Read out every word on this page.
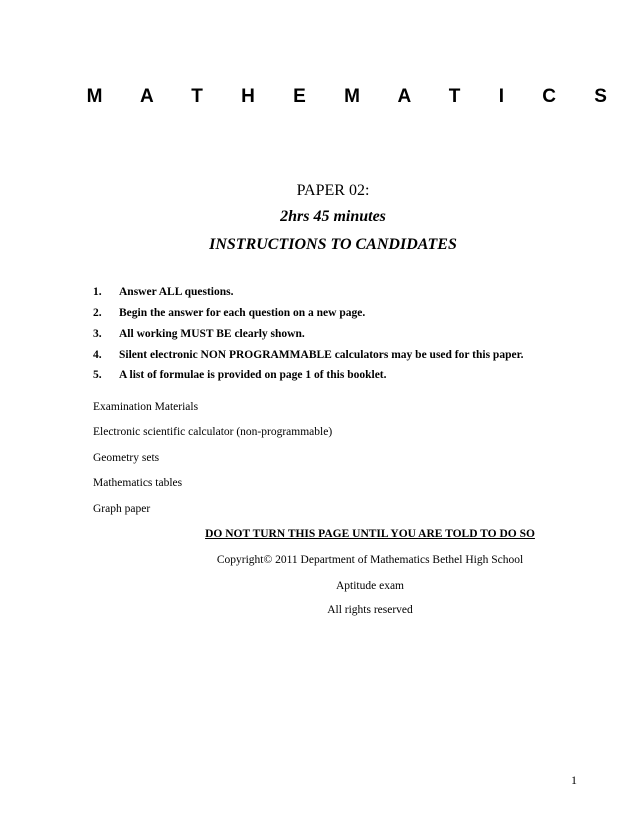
M A T H E M A T I C S
PAPER 02:
2hrs 45 minutes
INSTRUCTIONS TO CANDIDATES
1. Answer ALL questions.
2. Begin the answer for each question on a new page.
3. All working MUST BE clearly shown.
4. Silent electronic NON PROGRAMMABLE calculators may be used for this paper.
5. A list of formulae is provided on page 1 of this booklet.
Examination Materials
Electronic scientific calculator (non-programmable)
Geometry sets
Mathematics tables
Graph paper
DO NOT TURN THIS PAGE UNTIL YOU ARE TOLD TO DO SO
Copyright© 2011 Department of Mathematics Bethel High School
Aptitude exam
All rights reserved
1
